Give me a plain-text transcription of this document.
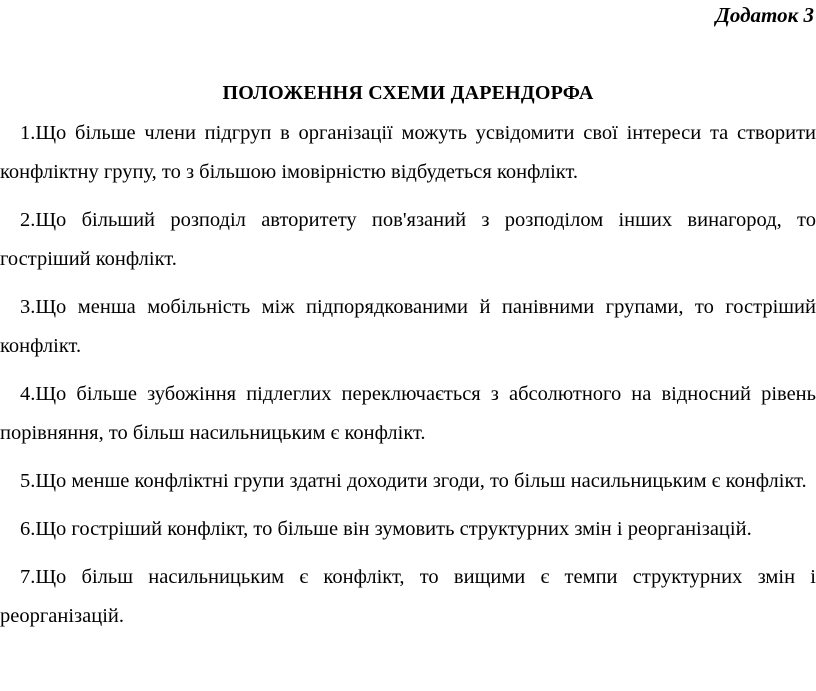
Додаток 3
ПОЛОЖЕННЯ СХЕМИ ДАРЕНДОРФА

1.Що більше члени підгруп в організації можуть усвідомити свої інтереси та створити конфліктну групу, то з більшою імовірністю відбудеться конфлікт.

2.Що більший розподіл авторитету пов'язаний з розподілом інших винагород, то гостріший конфлікт.

3.Що менша мобільність між підпорядкованими й панівними групами, то гостріший конфлікт.

4.Що більше зубожіння підлеглих переключається з абсолютного на відносний рівень порівняння, то більш насильницьким є конфлікт.

5.Що менше конфліктні групи здатні доходити згоди, то більш насильницьким є конфлікт.

6.Що гостріший конфлікт, то більше він зумовить структурних змін і реорганізацій.

7.Що більш насильницьким є конфлікт, то вищими є темпи структурних змін і реорганізацій.
